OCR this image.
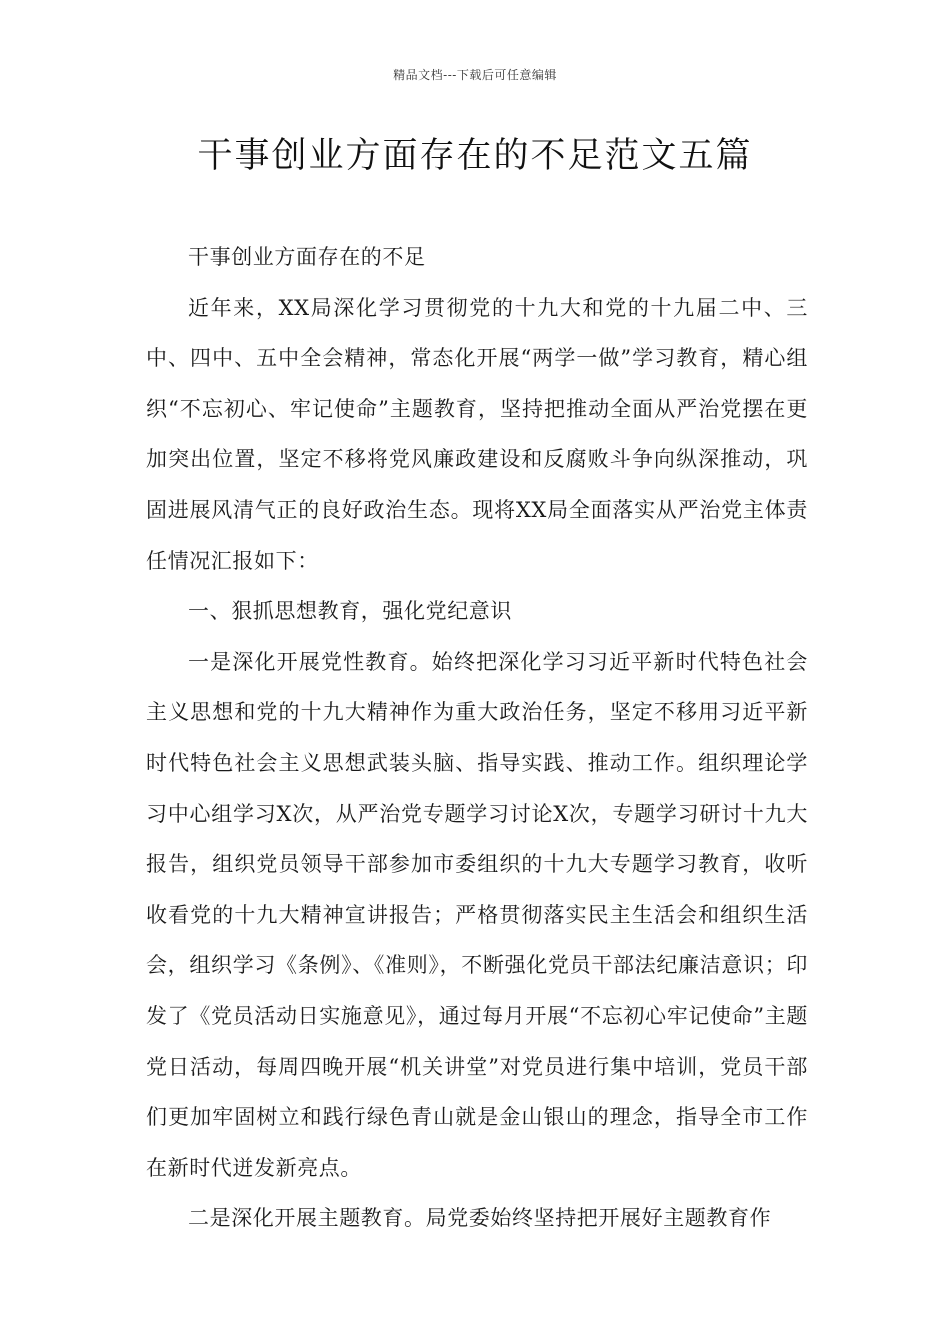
精品文档---下载后可任意编辑
干事创业方面存在的不足范文五篇

干事创业方面存在的不足

近年来，XX局深化学习贯彻党的十九大和党的十九届二中、三中、四中、五中全会精神，常态化开展“两学一做”学习教育，精心组织“不忘初心、牢记使命”主题教育，坚持把推动全面从严治党摆在更加突出位置，坚定不移将党风廉政建设和反腐败斗争向纵深推动，巩固进展风清气正的良好政治生态。现将XX局全面落实从严治党主体责任情况汇报如下：

一、狠抓思想教育，强化党纪意识

一是深化开展党性教育。始终把深化学习习近平新时代特色社会主义思想和党的十九大精神作为重大政治任务，坚定不移用习近平新时代特色社会主义思想武装头脑、指导实践、推动工作。组织理论学习中心组学习X次，从严治党专题学习讨论X次，专题学习研讨十九大报告，组织党员领导干部参加市委组织的十九大专题学习教育，收听收看党的十九大精神宣讲报告；严格贯彻落实民主生活会和组织生活会，组织学习《条例》、《准则》，不断强化党员干部法纪廉洁意识；印发了《党员活动日实施意见》，通过每月开展“不忘初心牢记使命”主题党日活动，每周四晚开展“机关讲堂”对党员进行集中培训，党员干部们更加牢固树立和践行绿色青山就是金山银山的理念，指导全市工作在新时代迸发新亮点。

二是深化开展主题教育。局党委始终坚持把开展好主题教育作
